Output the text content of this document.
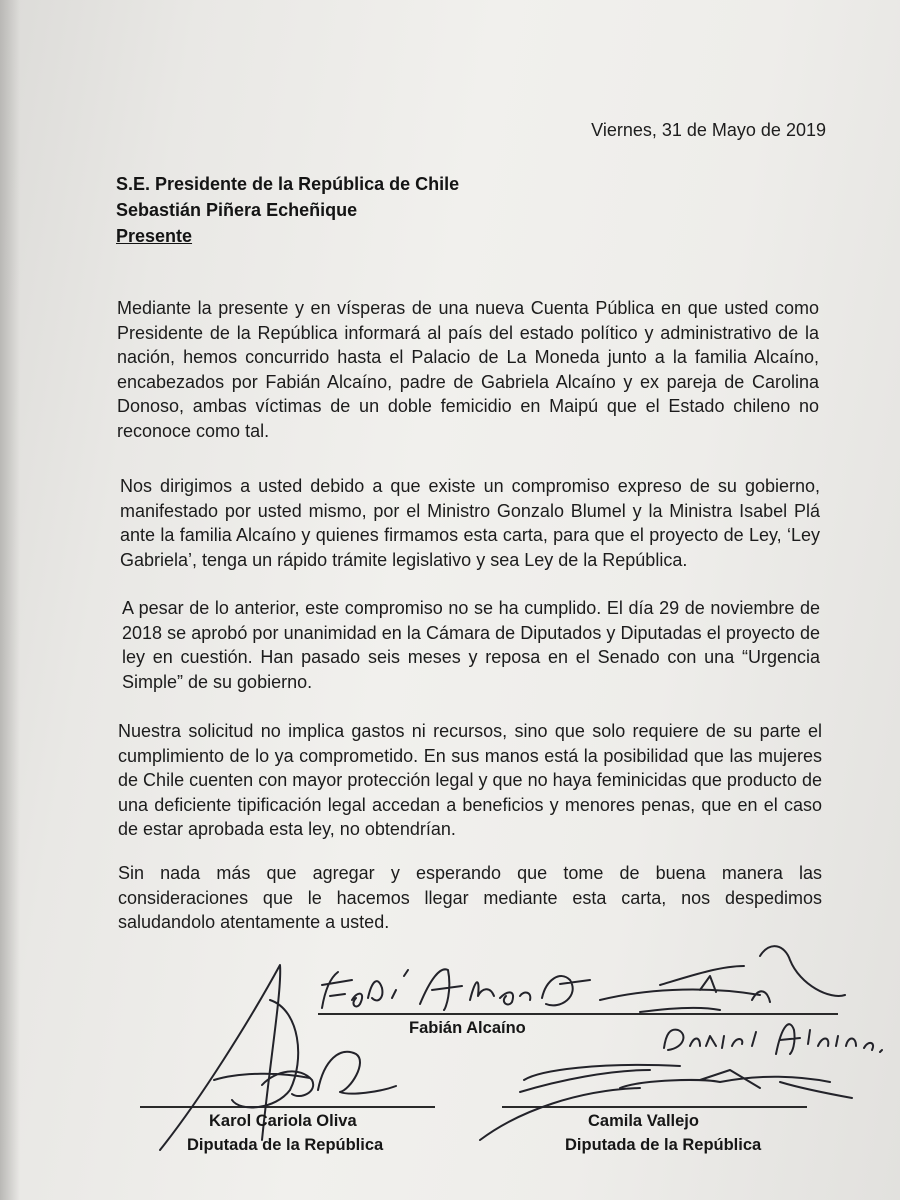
Viernes, 31 de Mayo de 2019
S.E. Presidente de la República de Chile
Sebastián Piñera Echeñique
Presente
Mediante la presente y en vísperas de una nueva Cuenta Pública en que usted como Presidente de la República informará al país del estado político y administrativo de la nación, hemos concurrido hasta el Palacio de La Moneda junto a la familia Alcaíno, encabezados por Fabián Alcaíno, padre de Gabriela Alcaíno y ex pareja de Carolina Donoso, ambas víctimas de un doble femicidio en Maipú que el Estado chileno no reconoce como tal.
Nos dirigimos a usted debido a que existe un compromiso expreso de su gobierno, manifestado por usted mismo, por el Ministro Gonzalo Blumel y la Ministra Isabel Plá ante la familia Alcaíno y quienes firmamos esta carta, para que el proyecto de Ley, ‘Ley Gabriela’, tenga un rápido trámite legislativo y sea Ley de la República.
A pesar de lo anterior, este compromiso no se ha cumplido. El día 29 de noviembre de 2018 se aprobó por unanimidad en la Cámara de Diputados y Diputadas el proyecto de ley en cuestión. Han pasado seis meses y reposa en el Senado con una “Urgencia Simple” de su gobierno.
Nuestra solicitud no implica gastos ni recursos, sino que solo requiere de su parte el cumplimiento de lo ya comprometido. En sus manos está la posibilidad que las mujeres de Chile cuenten con mayor protección legal y que no haya feminicidas que producto de una deficiente tipificación legal accedan a beneficios y menores penas, que en el caso de estar aprobada esta ley, no obtendrían.
Sin nada más que agregar y esperando que tome de buena manera las consideraciones que le hacemos llegar mediante esta carta, nos despedimos saludandolo atentamente a usted.
Fabián Alcaíno
Karol Cariola Oliva
Diputada de la República
Camila Vallejo
Diputada de la República
